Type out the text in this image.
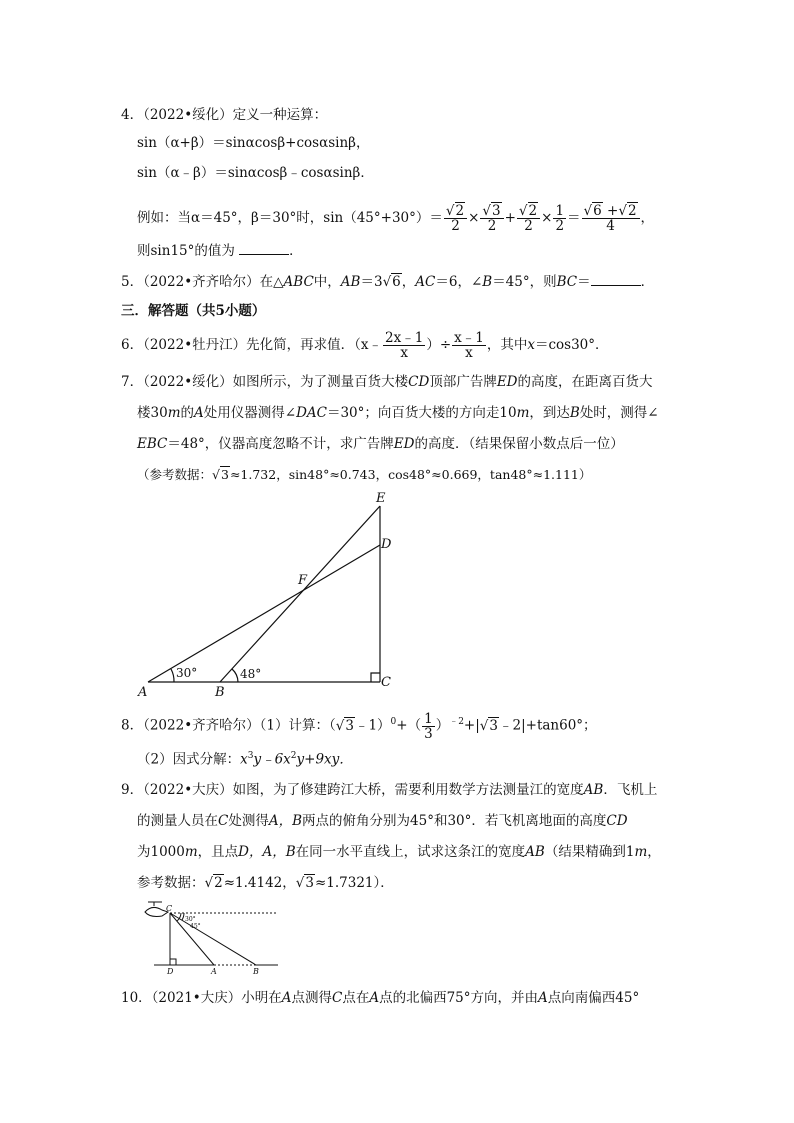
4．（2022•绥化）定义一种运算：
sin（α+β）＝sinαcosβ+cosαsinβ，
sin（α﹣β）＝sinαcosβ﹣cosαsinβ．
例如：当α＝45°，β＝30°时，$\sin(45^\circ+30^\circ)= \frac{√2}{2} \times \frac{√3}{2} + \frac{√2}{2} \times \frac{1}{2} = \frac{√6 +√2}{4}$ ，
则sin15°的值为	．
5．（2022•齐齐哈尔）在△ABC中，AB＝3√6，AC＝6，∠B＝45°，则BC＝	．
三．解答题（共5小题）
6．（2022•牡丹江）先化简，再求值．（x﹣ $\frac{2x﹣1}{x}$ ）÷ $\frac{x﹣1}{x}$ ，其中x＝cos30°．
7．（2022•绥化）如图所示，为了测量百货大楼CD顶部广告牌ED的高度，在距离百货大
楼30m的A处用仪器测得∠DAC＝30°；向百货大楼的方向走10m，到达B处时，测得∠
EBC＝48°，仪器高度忽略不计，求广告牌ED的高度．（结果保留小数点后一位）
（参考数据：√3≈1.732，sin48°≈0.743，cos48°≈0.669，tan48°≈1.111）
E
D
F
C
A	B
30°	48°
8．（2022•齐齐哈尔）（1）计算：（√3﹣1）$^0$+（ $\frac{1}{3}$ ）$^{﹣2}$+|√3﹣2|+tan60°；
（2）因式分解：$x^3y﹣6x^2y+9xy$．
9．（2022•大庆）如图，为了修建跨江大桥，需要利用数学方法测量江的宽度AB．飞机上
的测量人员在C处测得A，B两点的俯角分别为45°和30°．若飞机离地面的高度CD
为1000m，且点D，A，B在同一水平直线上，试求这条江的宽度AB（结果精确到1m，
参考数据：√2≈1.4142，√3≈1.7321）．
C
D	A	B
30°
45°
10．（2021•大庆）小明在A点测得C点在A点的北偏西75°方向，并由A点向南偏西45°
